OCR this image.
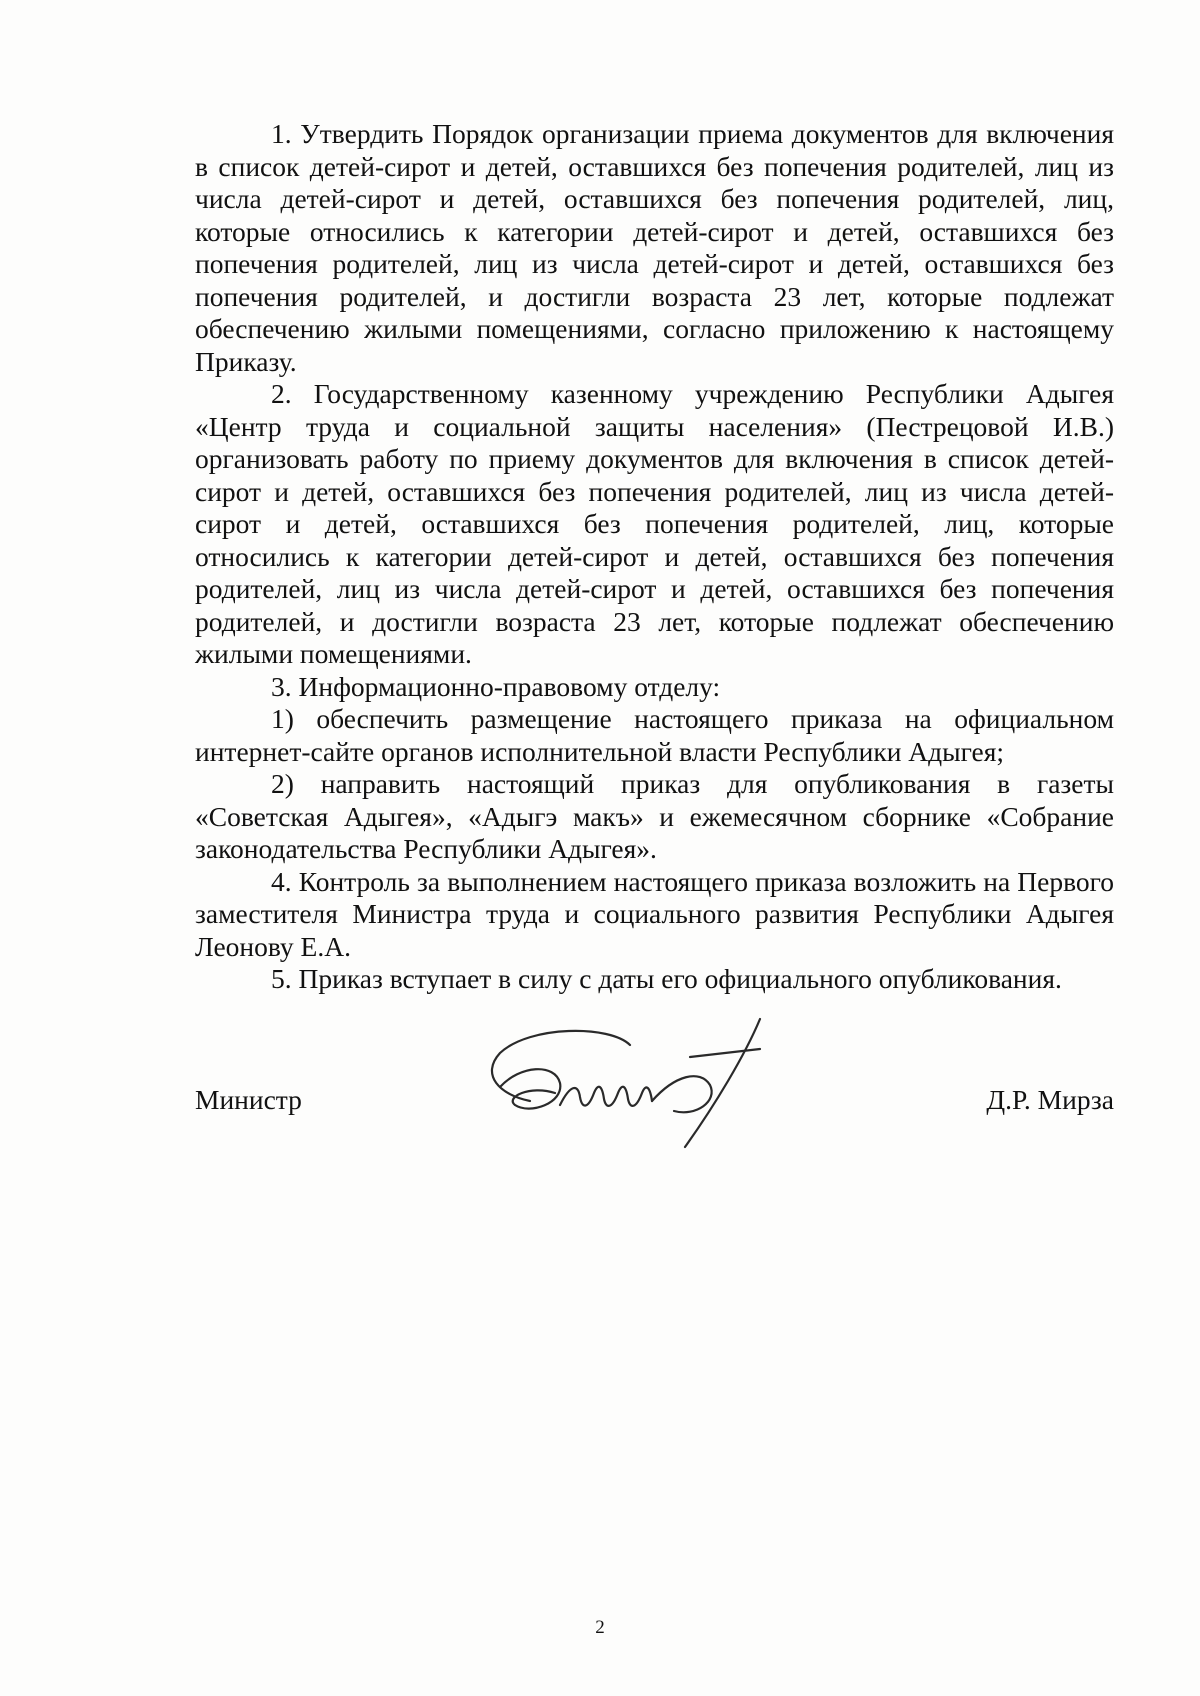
1. Утвердить Порядок организации приема документов для включения в список детей-сирот и детей, оставшихся без попечения родителей, лиц из числа детей-сирот и детей, оставшихся без попечения родителей, лиц, которые относились к категории детей-сирот и детей, оставшихся без попечения родителей, лиц из числа детей-сирот и детей, оставшихся без попечения родителей, и достигли возраста 23 лет, которые подлежат обеспечению жилыми помещениями, согласно приложению к настоящему Приказу.

2. Государственному казенному учреждению Республики Адыгея «Центр труда и социальной защиты населения» (Пестрецовой И.В.) организовать работу по приему документов для включения в список детей-сирот и детей, оставшихся без попечения родителей, лиц из числа детей-сирот и детей, оставшихся без попечения родителей, лиц, которые относились к категории детей-сирот и детей, оставшихся без попечения родителей, лиц из числа детей-сирот и детей, оставшихся без попечения родителей, и достигли возраста 23 лет, которые подлежат обеспечению жилыми помещениями.

3. Информационно-правовому отделу:

1) обеспечить размещение настоящего приказа на официальном интернет-сайте органов исполнительной власти Республики Адыгея;

2) направить настоящий приказ для опубликования в газеты «Советская Адыгея», «Адыгэ макъ» и ежемесячном сборнике «Собрание законодательства Республики Адыгея».

4. Контроль за выполнением настоящего приказа возложить на Первого заместителя Министра труда и социального развития Республики Адыгея Леонову Е.А.

5. Приказ вступает в силу с даты его официального опубликования.

Министр	Д.Р. Мирза
2
